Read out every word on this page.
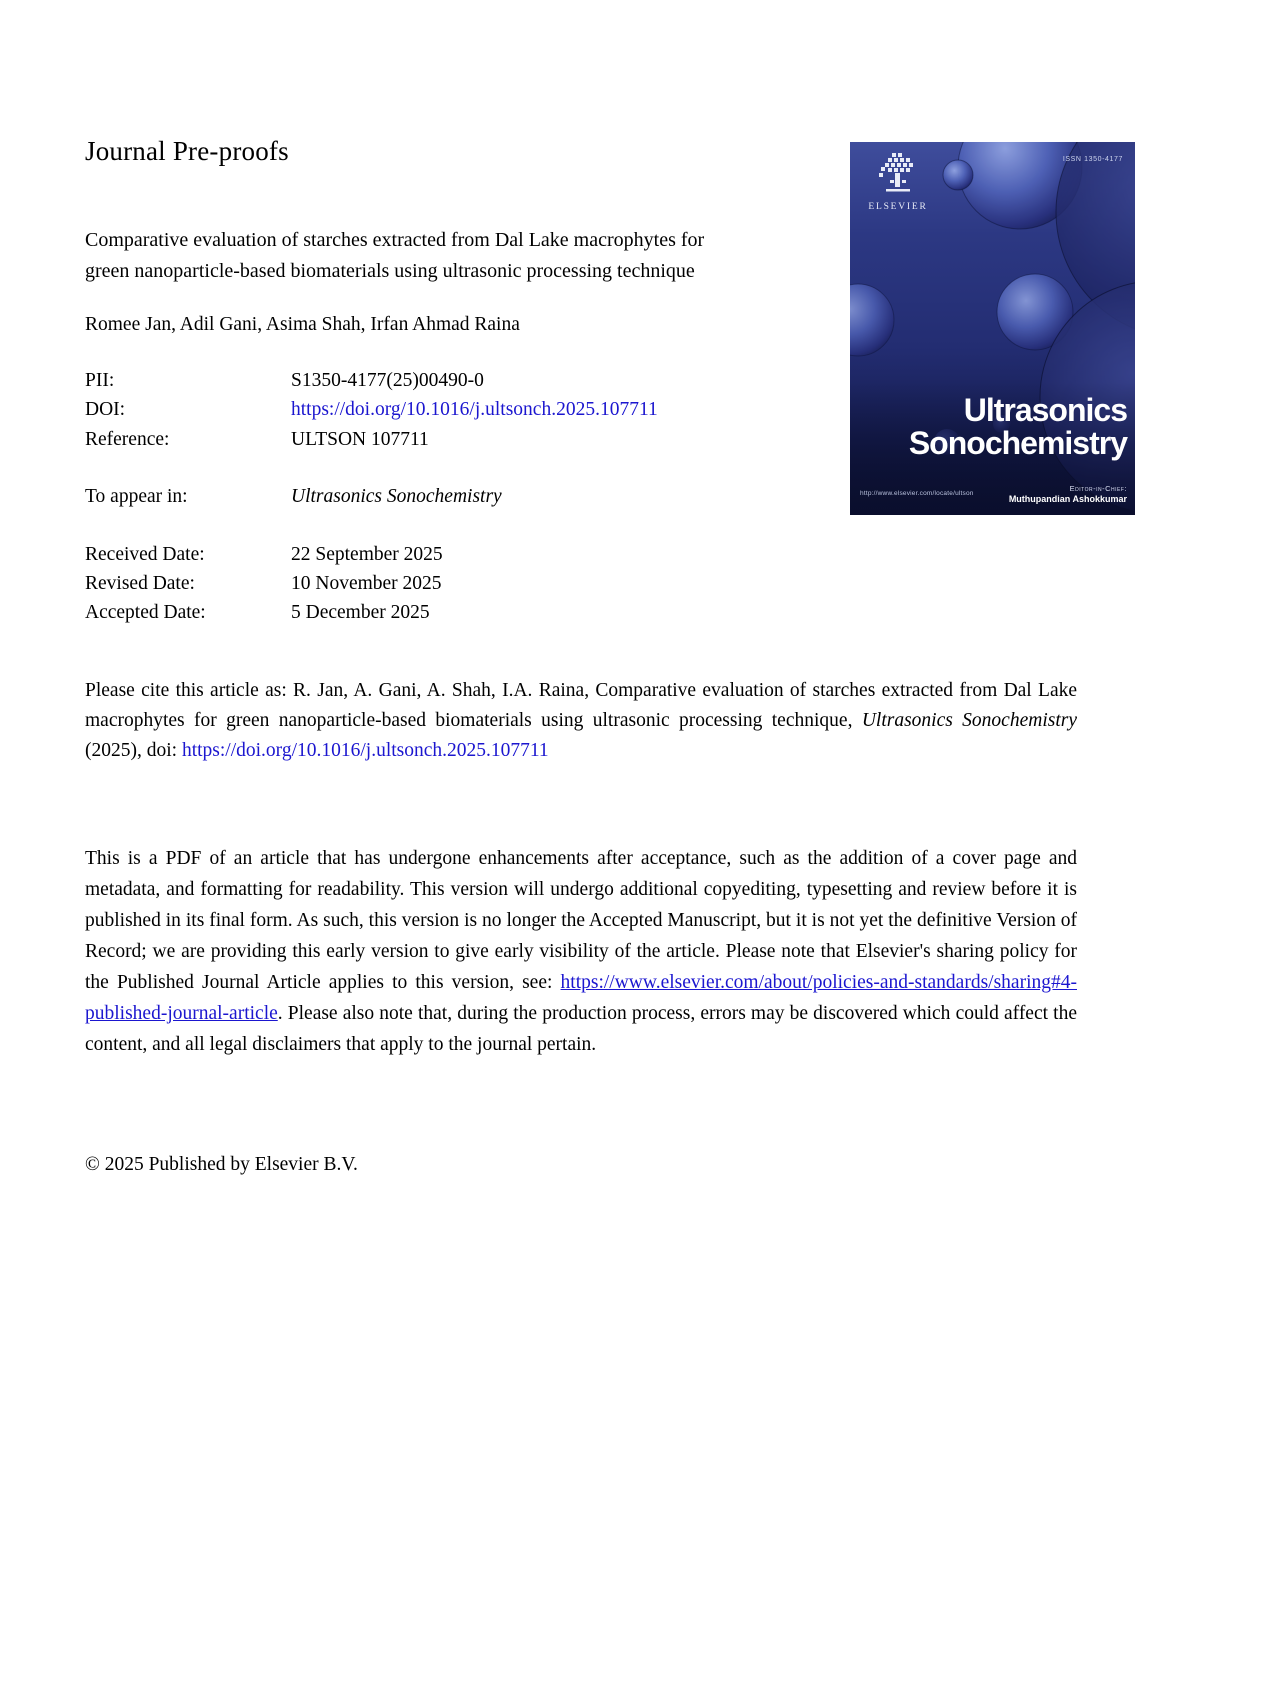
Journal Pre-proofs
Comparative evaluation of starches extracted from Dal Lake macrophytes for
green nanoparticle-based biomaterials using ultrasonic processing technique
Romee Jan, Adil Gani, Asima Shah, Irfan Ahmad Raina
PII:	S1350-4177(25)00490-0
DOI:	https://doi.org/10.1016/j.ultsonch.2025.107711
Reference:	ULTSON 107711
To appear in:	Ultrasonics Sonochemistry
Received Date:	22 September 2025
Revised Date:	10 November 2025
Accepted Date:	5 December 2025
Please cite this article as: R. Jan, A. Gani, A. Shah, I.A. Raina, Comparative evaluation of starches extracted from Dal Lake macrophytes for green nanoparticle-based biomaterials using ultrasonic processing technique, Ultrasonics Sonochemistry (2025), doi: https://doi.org/10.1016/j.ultsonch.2025.107711
This is a PDF of an article that has undergone enhancements after acceptance, such as the addition of a cover page and metadata, and formatting for readability. This version will undergo additional copyediting, typesetting and review before it is published in its final form. As such, this version is no longer the Accepted Manuscript, but it is not yet the definitive Version of Record; we are providing this early version to give early visibility of the article. Please note that Elsevier's sharing policy for the Published Journal Article applies to this version, see: https://www.elsevier.com/about/policies-and-standards/sharing#4-published-journal-article. Please also note that, during the production process, errors may be discovered which could affect the content, and all legal disclaimers that apply to the journal pertain.
© 2025 Published by Elsevier B.V.
ISSN 1350-4177
ELSEVIER
Ultrasonics
Sonochemistry
http://www.elsevier.com/locate/ultson
Editor-in-Chief:
Muthupandian Ashokkumar
